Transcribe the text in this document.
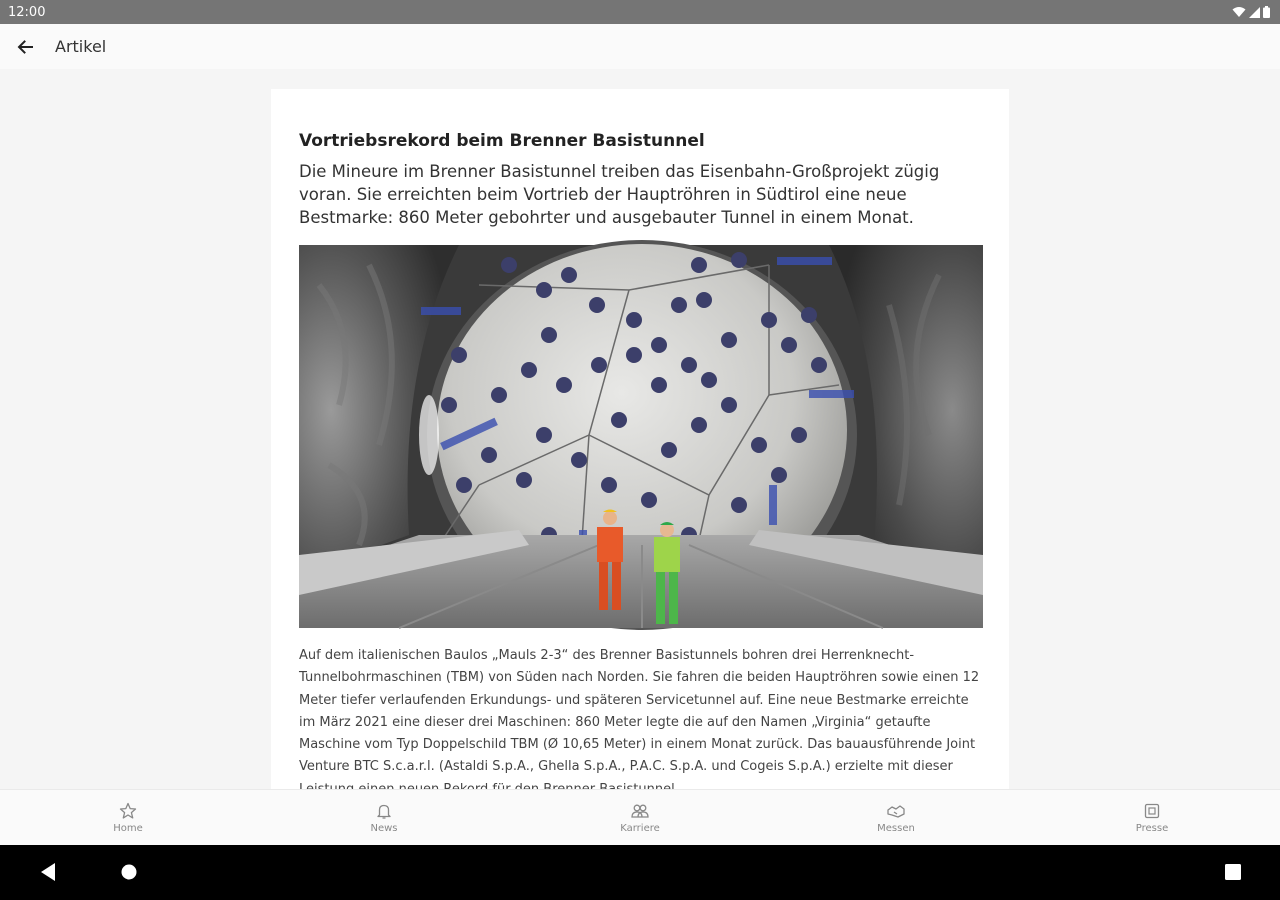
12:00
Artikel
Vortriebsrekord beim Brenner Basistunnel

Die Mineure im Brenner Basistunnel treiben das Eisenbahn-Großprojekt zügig voran. Sie erreichten beim Vortrieb der Hauptröhren in Südtirol eine neue Bestmarke: 860 Meter gebohrter und ausgebauter Tunnel in einem Monat.

Auf dem italienischen Baulos „Mauls 2-3“ des Brenner Basistunnels bohren drei Herrenknecht-Tunnelbohrmaschinen (TBM) von Süden nach Norden. Sie fahren die beiden Hauptröhren sowie einen 12 Meter tiefer verlaufenden Erkundungs- und späteren Servicetunnel auf. Eine neue Bestmarke erreichte im März 2021 eine dieser drei Maschinen: 860 Meter legte die auf den Namen „Virginia“ getaufte Maschine vom Typ Doppelschild TBM (Ø 10,65 Meter) in einem Monat zurück. Das bauausführende Joint Venture BTC S.c.a.r.l. (Astaldi S.p.A., Ghella S.p.A., P.A.C. S.p.A. und Cogeis S.p.A.) erzielte mit dieser

Home	News	Karriere	Messen	Presse
